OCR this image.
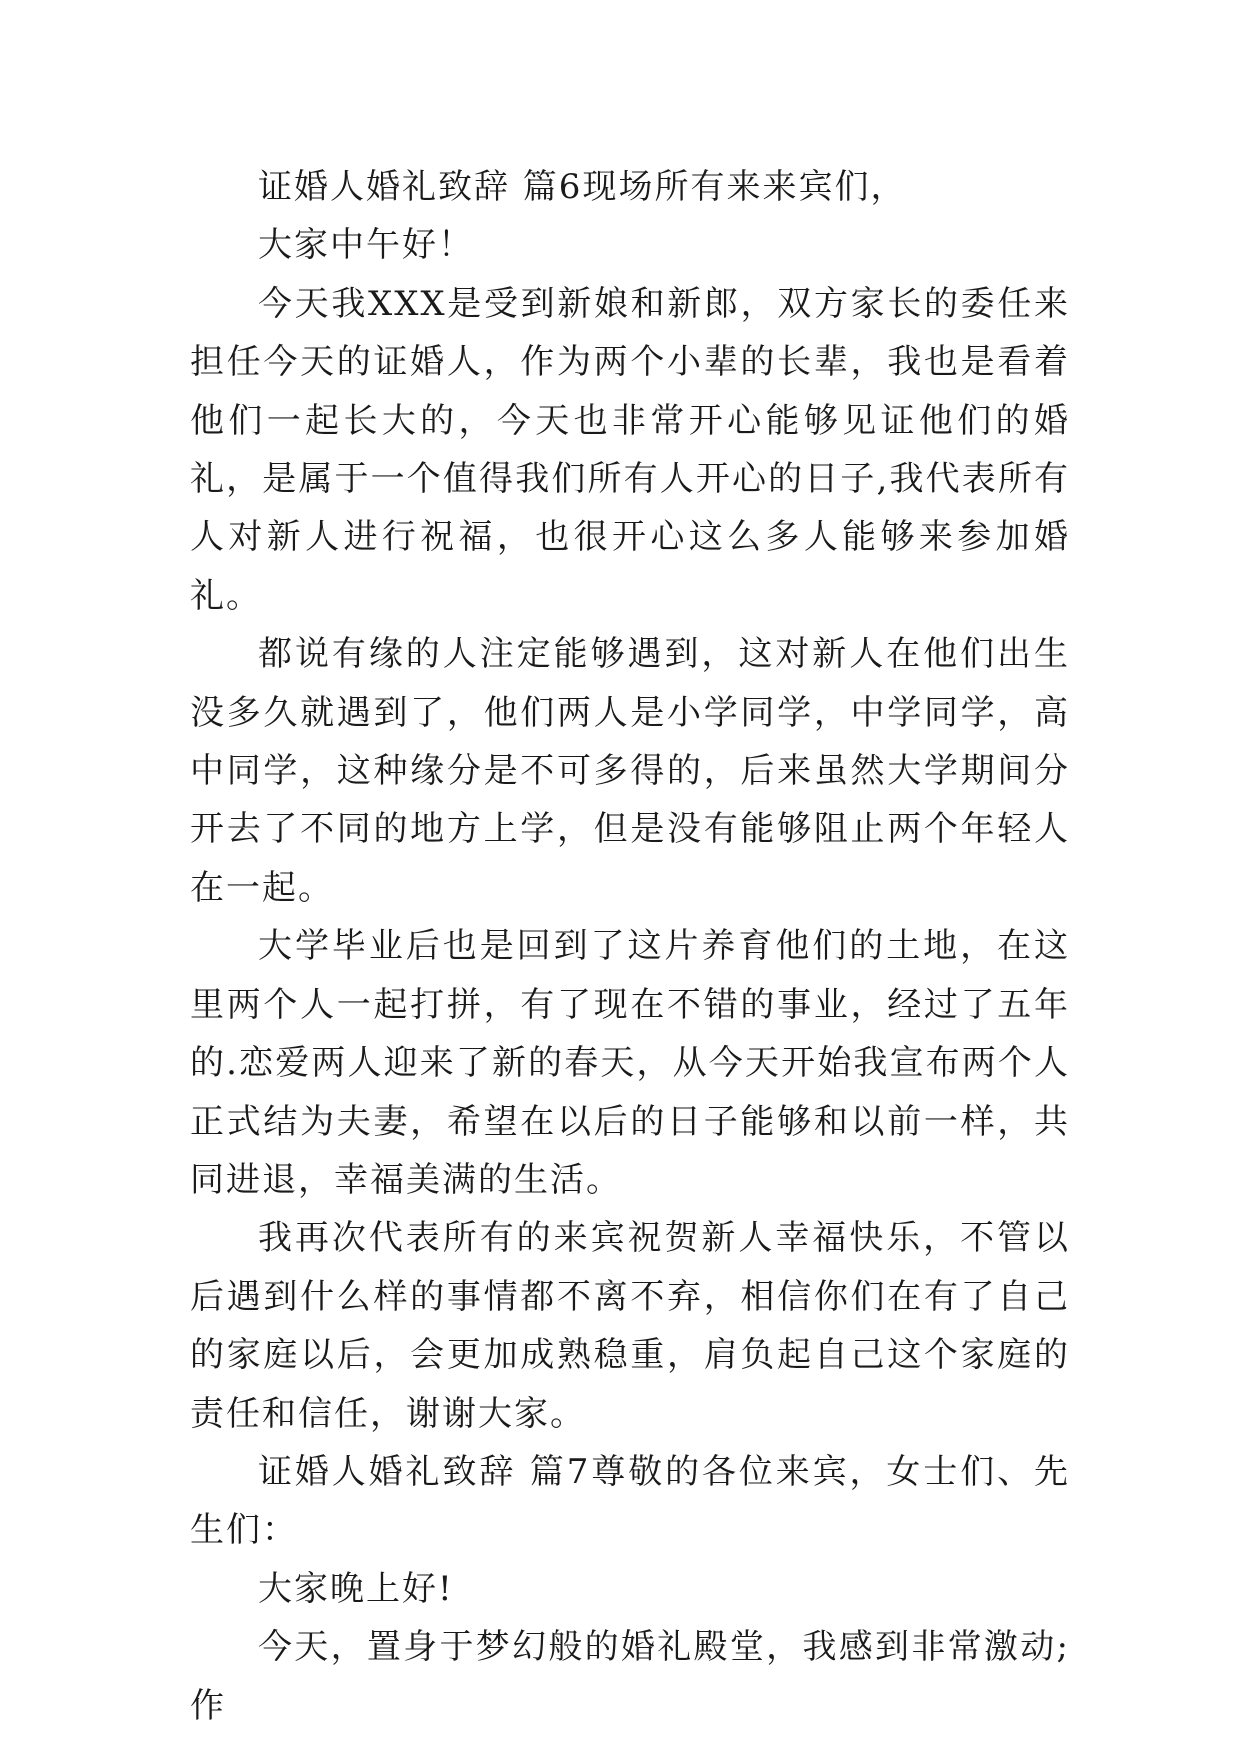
证婚人婚礼致辞 篇6现场所有来来宾们，

大家中午好！

今天我XXX是受到新娘和新郎，双方家长的委任来担任今天的证婚人，作为两个小辈的长辈，我也是看着他们一起长大的，今天也非常开心能够见证他们的婚礼，是属于一个值得我们所有人开心的日子,我代表所有人对新人进行祝福，也很开心这么多人能够来参加婚礼。

都说有缘的人注定能够遇到，这对新人在他们出生没多久就遇到了，他们两人是小学同学，中学同学，高中同学，这种缘分是不可多得的，后来虽然大学期间分开去了不同的地方上学，但是没有能够阻止两个年轻人在一起。

大学毕业后也是回到了这片养育他们的土地，在这里两个人一起打拼，有了现在不错的事业，经过了五年的.恋爱两人迎来了新的春天，从今天开始我宣布两个人正式结为夫妻，希望在以后的日子能够和以前一样，共同进退，幸福美满的生活。

我再次代表所有的来宾祝贺新人幸福快乐，不管以后遇到什么样的事情都不离不弃，相信你们在有了自己的家庭以后，会更加成熟稳重，肩负起自己这个家庭的责任和信任，谢谢大家。

证婚人婚礼致辞 篇7尊敬的各位来宾，女士们、先生们：

大家晚上好!

今天，置身于梦幻般的婚礼殿堂，我感到非常激动;作
